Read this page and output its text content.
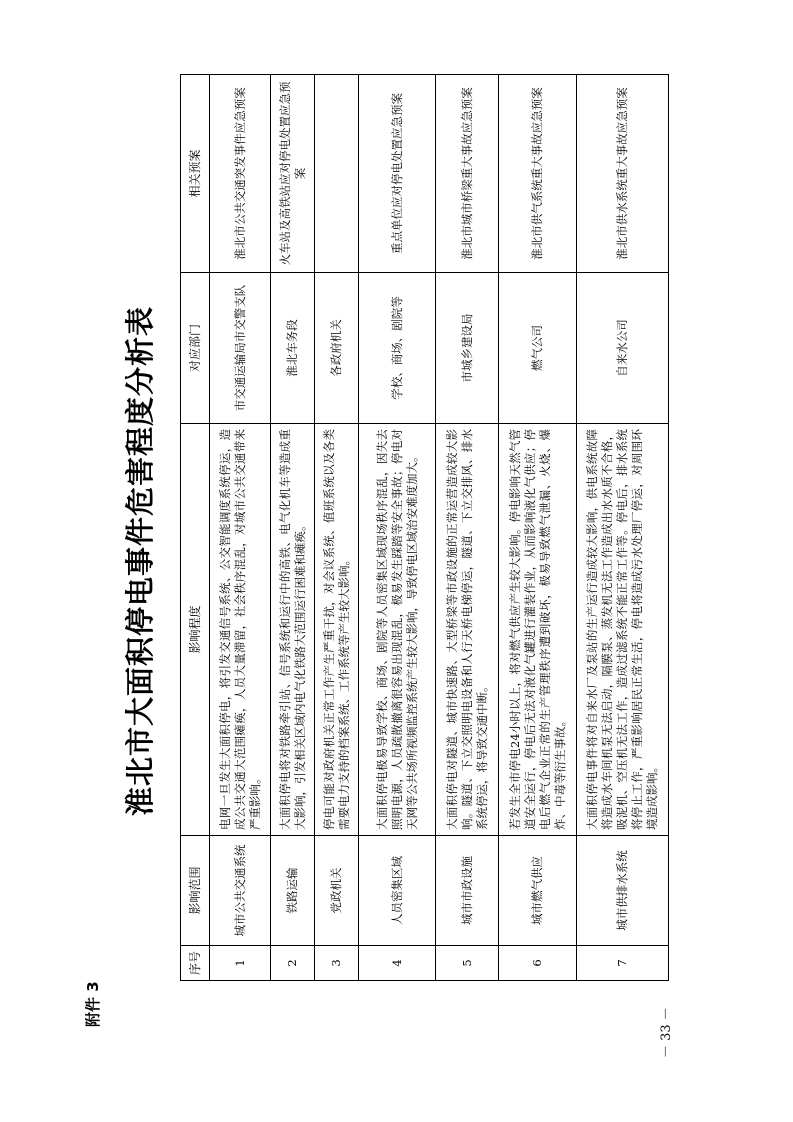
附件 3
淮北市大面积停电事件危害程度分析表
序号	影响范围	影响程度	对应部门	相关预案
1	城市公共交通系统	电网一旦发生大面积停电，将引发交通信号系统、公交智能调度系统停运，造成公共交通大范围瘫痪，人员大量滞留，社会秩序混乱，对城市公共交通带来严重影响。	市交通运输局市交警支队	淮北市公共交通突发事件应急预案
2	铁路运输	大面积停电将对铁路牵引站、信号系统和运行中的高铁、电气化机车等造成重大影响，引发相关区域内电气化铁路大范围运行困难和瘫痪。	淮北车务段	火车站及高铁站应对停电处置应急预案
3	党政机关	停电可能对政府机关正常工作产生严重干扰，对会议系统、值班系统以及各类需要电力支持的档案系统、工作系统等产生较大影响。	各政府机关	
4	人员密集区域	大面积停电极易导致学校、商场、剧院等人员密集区域现场秩序混乱，因失去照明电源，人员疏散撤离很容易出现混乱，极易发生踩踏等安全事故；停电对天网等公共场所视频监控系统产生较大影响，导致停电区域治安难度加大。	学校、商场、剧院等	重点单位应对停电处置应急预案
5	城市市政设施	大面积停电对隧道、城市快速路、大型桥梁等市政设施的正常运营造成较大影响。隧道、下立交照明电设备和人行天桥电梯停运，隧道、下立交排风、排水系统停运，将导致交通中断。	市城乡建设局	淮北市城市桥梁重大事故应急预案
6	城市燃气供应	若发生全市停电24小时以上，将对燃气供应产生较大影响。停电影响天然气管道安全运行，停电后无法对液化气罐进行灌装作业，从而影响液化气供应；停电后燃气企业正常的生产管理秩序遭到破坏，极易导致燃气泄漏、火烧、爆炸、中毒等衍生事故。	燃气公司	淮北市供气系统重大事故应急预案
7	城市供排水系统	大面积停电事件将对自来水厂及泵站的生产运行造成较大影响，供电系统故障将造成水车间机泵无法启动，隔膜泵、蒸发机无法工作造成出水水质不合格，吸泥机、空压机无法工作，造成过滤系统不能正常工作等。停电后，排水系统将停止工作，严重影响居民正常生活，停电将造成污水处理厂停运，对周围环境造成影响。	自来水公司	淮北市供水系统重大事故应急预案
－ 33 －
